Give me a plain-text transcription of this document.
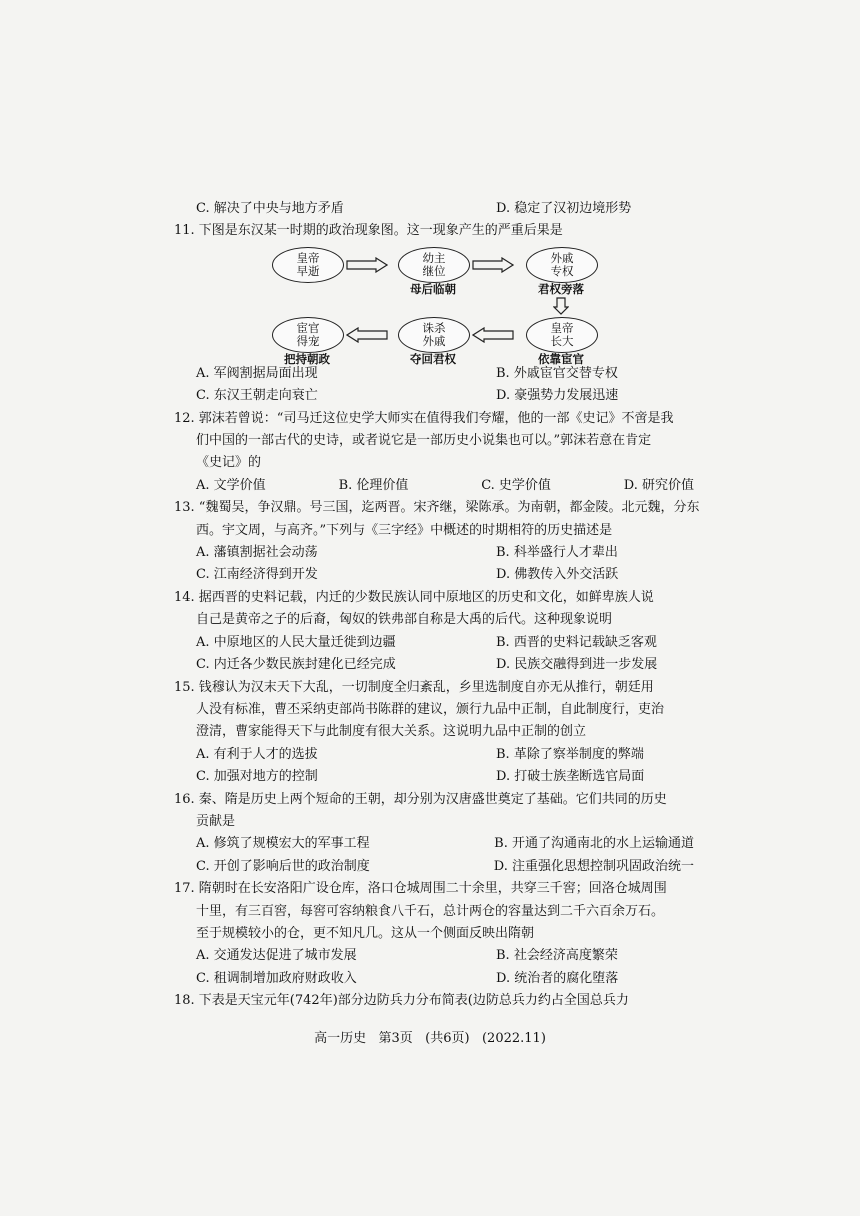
C. 解决了中央与地方矛盾	D. 稳定了汉初边境形势
11. 下图是东汉某一时期的政治现象图。这一现象产生的严重后果是
皇帝
早逝
幼主
继位
母后临朝
外戚
专权
君权旁落
皇帝
长大
依靠宦官
诛杀
外戚
夺回君权
宦官
得宠
把持朝政
A. 军阀割据局面出现	B. 外戚宦官交替专权
C. 东汉王朝走向衰亡	D. 豪强势力发展迅速
12. 郭沫若曾说：“司马迁这位史学大师实在值得我们夸耀，他的一部《史记》不啻是我
们中国的一部古代的史诗，或者说它是一部历史小说集也可以。”郭沫若意在肯定
《史记》的
A. 文学价值	B. 伦理价值	C. 史学价值	D. 研究价值
13. “魏蜀吴，争汉鼎。号三国，迄两晋。宋齐继，梁陈承。为南朝，都金陵。北元魏，分东
西。宇文周，与高齐。”下列与《三字经》中概述的时期相符的历史描述是
A. 藩镇割据社会动荡	B. 科举盛行人才辈出
C. 江南经济得到开发	D. 佛教传入外交活跃
14. 据西晋的史料记载，内迁的少数民族认同中原地区的历史和文化，如鲜卑族人说
自己是黄帝之子的后裔，匈奴的铁弗部自称是大禹的后代。这种现象说明
A. 中原地区的人民大量迁徙到边疆	B. 西晋的史料记载缺乏客观
C. 内迁各少数民族封建化已经完成	D. 民族交融得到进一步发展
15. 钱穆认为汉末天下大乱，一切制度全归紊乱，乡里选制度自亦无从推行，朝廷用
人没有标准，曹丕采纳吏部尚书陈群的建议，颁行九品中正制，自此制度行，吏治
澄清，曹家能得天下与此制度有很大关系。这说明九品中正制的创立
A. 有利于人才的选拔	B. 革除了察举制度的弊端
C. 加强对地方的控制	D. 打破士族垄断选官局面
16. 秦、隋是历史上两个短命的王朝，却分别为汉唐盛世奠定了基础。它们共同的历史
贡献是
A. 修筑了规模宏大的军事工程	B. 开通了沟通南北的水上运输通道
C. 开创了影响后世的政治制度	D. 注重强化思想控制巩固政治统一
17. 隋朝时在长安洛阳广设仓库，洛口仓城周围二十余里，共穿三千窖；回洛仓城周围
十里，有三百窖，每窖可容纳粮食八千石，总计两仓的容量达到二千六百余万石。
至于规模较小的仓，更不知凡几。这从一个侧面反映出隋朝
A. 交通发达促进了城市发展	B. 社会经济高度繁荣
C. 租调制增加政府财政收入	D. 统治者的腐化堕落
18. 下表是天宝元年(742年)部分边防兵力分布简表(边防总兵力约占全国总兵力
高一历史   第3页   (共6页)   (2022.11)
